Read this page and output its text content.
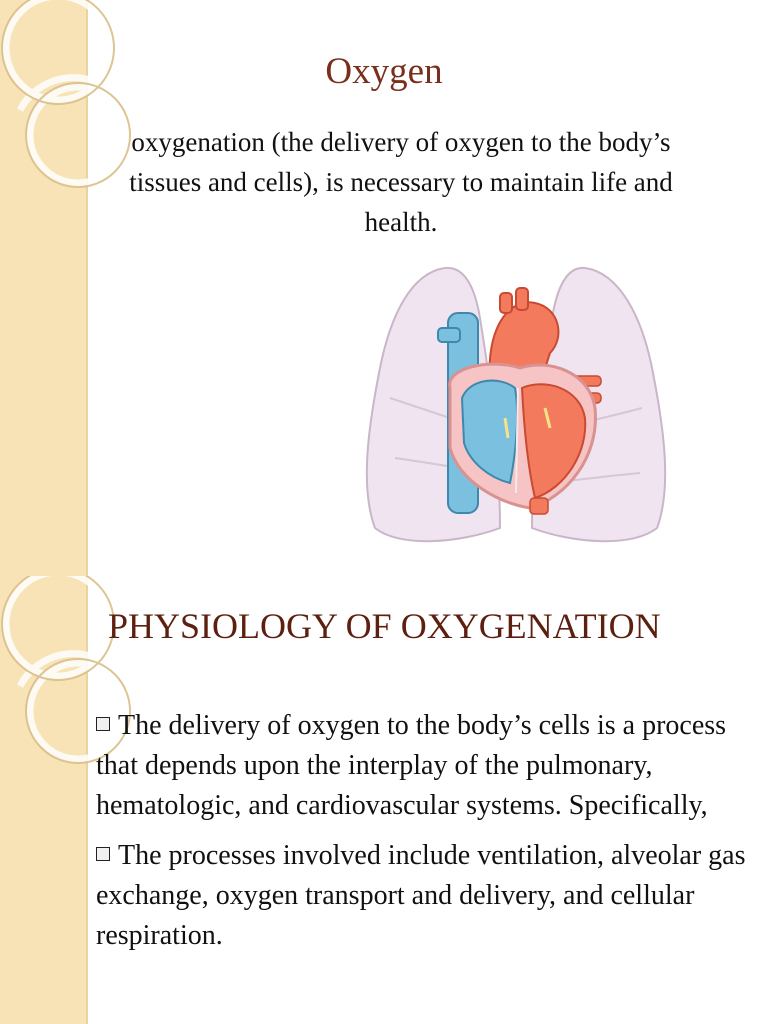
Oxygen

oxygenation (the delivery of oxygen to the body’s tissues and cells), is necessary to maintain life and health.

PHYSIOLOGY OF OXYGENATION
The delivery of oxygen to the body’s cells is a process that depends upon the interplay of the pulmonary, hematologic, and cardiovascular systems. Specifically,
The processes involved include ventilation, alveolar gas exchange, oxygen transport and delivery, and cellular respiration.
